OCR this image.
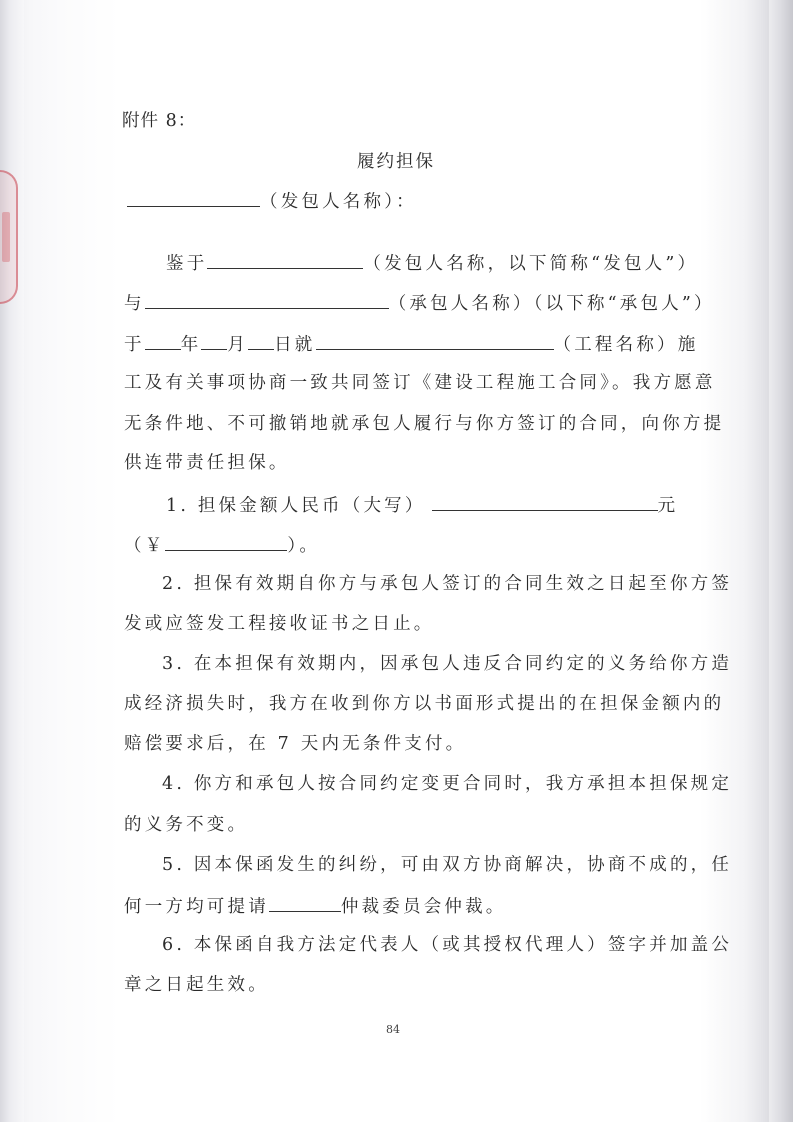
附件 8：
履约担保
（发包人名称）：
鉴于	（发包人名称，以下简称“发包人”）
与	（承包人名称）（以下称“承包人”）
于 年 月 日就	（工程名称）施
工及有关事项协商一致共同签订《建设工程施工合同》。我方愿意
无条件地、不可撤销地就承包人履行与你方签订的合同，向你方提
供连带责任担保。
1. 担保金额人民币（大写）	元
（￥	）。
2. 担保有效期自你方与承包人签订的合同生效之日起至你方签
发或应签发工程接收证书之日止。
3. 在本担保有效期内，因承包人违反合同约定的义务给你方造
成经济损失时，我方在收到你方以书面形式提出的在担保金额内的
赔偿要求后，在 7 天内无条件支付。
4. 你方和承包人按合同约定变更合同时，我方承担本担保规定
的义务不变。
5. 因本保函发生的纠纷，可由双方协商解决，协商不成的，任
何一方均可提请	仲裁委员会仲裁。
6. 本保函自我方法定代表人（或其授权代理人）签字并加盖公
章之日起生效。
84
